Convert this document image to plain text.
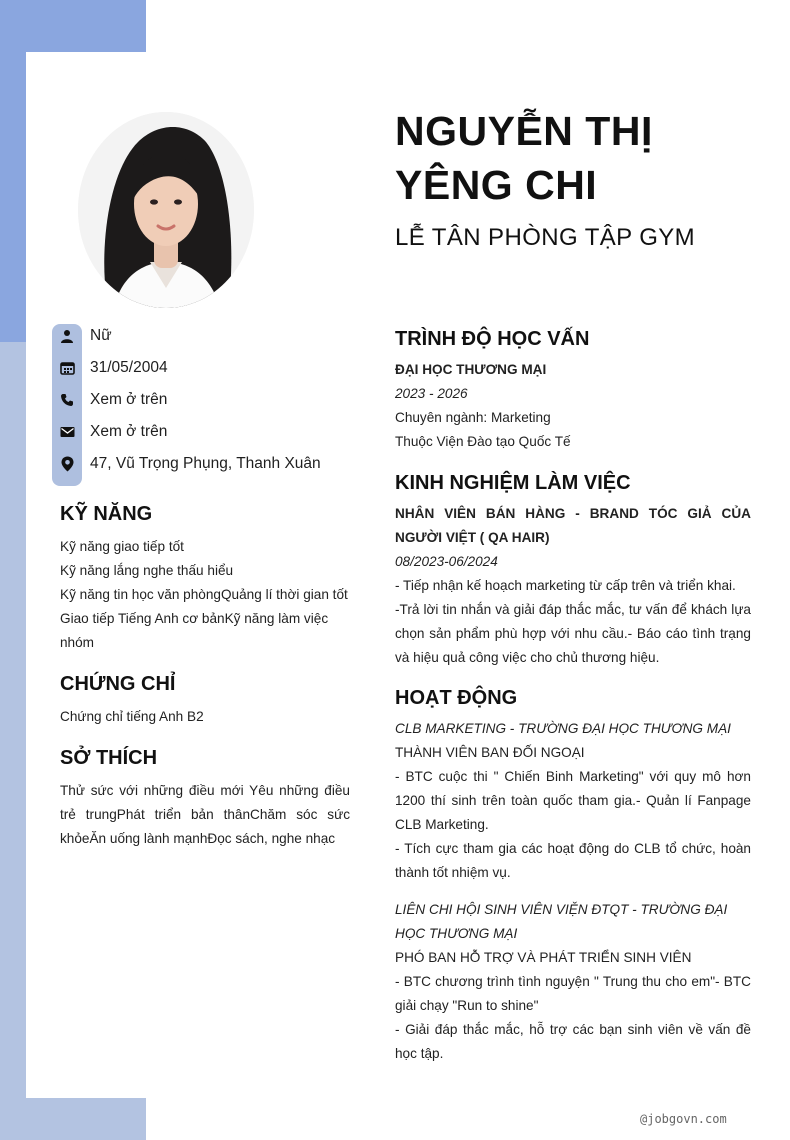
Nữ
31/05/2004
Xem ở trên
Xem ở trên
47, Vũ Trọng Phụng, Thanh Xuân
KỸ NĂNG
Kỹ năng giao tiếp tốt
Kỹ năng lắng nghe thấu hiểu
Kỹ năng tin học văn phòngQuảng lí thời gian tốt
Giao tiếp Tiếng Anh cơ bảnKỹ năng làm việc
nhóm
CHỨNG CHỈ
Chứng chỉ tiếng Anh B2
SỞ THÍCH
Thử sức với những điều mới Yêu những điều trẻ trungPhát triển bản thânChăm sóc sức khỏeĂn uống lành mạnhĐọc sách, nghe nhạc
NGUYỄN THỊ
YÊNG CHI
LỄ TÂN PHÒNG TẬP GYM
TRÌNH ĐỘ HỌC VẤN
ĐẠI HỌC THƯƠNG MẠI
2023 - 2026
Chuyên ngành: Marketing
Thuộc Viện Đào tạo Quốc Tế
KINH NGHIỆM LÀM VIỆC
NHÂN VIÊN BÁN HÀNG - BRAND TÓC GIẢ CỦA NGƯỜI VIỆT ( QA HAIR)
08/2023-06/2024
- Tiếp nhận kế hoạch marketing từ cấp trên và triển khai.
-Trả lời tin nhắn và giải đáp thắc mắc, tư vấn để khách lựa chọn sản phẩm phù hợp với nhu cầu.- Báo cáo tình trạng và hiệu quả công việc cho chủ thương hiệu.
HOẠT ĐỘNG
CLB MARKETING - TRƯỜNG ĐẠI HỌC THƯƠNG MẠI
THÀNH VIÊN BAN ĐỐI NGOẠI
- BTC cuộc thi " Chiến Binh Marketing" với quy mô hơn 1200 thí sinh trên toàn quốc tham gia.- Quản lí Fanpage CLB Marketing.
- Tích cực tham gia các hoạt động do CLB tổ chức, hoàn thành tốt nhiệm vụ.
LIÊN CHI HỘI SINH VIÊN VIỆN ĐTQT - TRƯỜNG ĐẠI HỌC THƯƠNG MẠI
PHÓ BAN HỖ TRỢ VÀ PHÁT TRIỂN SINH VIÊN
- BTC chương trình tình nguyện " Trung thu cho em"- BTC giải chạy "Run to shine"
- Giải đáp thắc mắc, hỗ trợ các bạn sinh viên về vấn đề học tập.
@jobgovn.com
